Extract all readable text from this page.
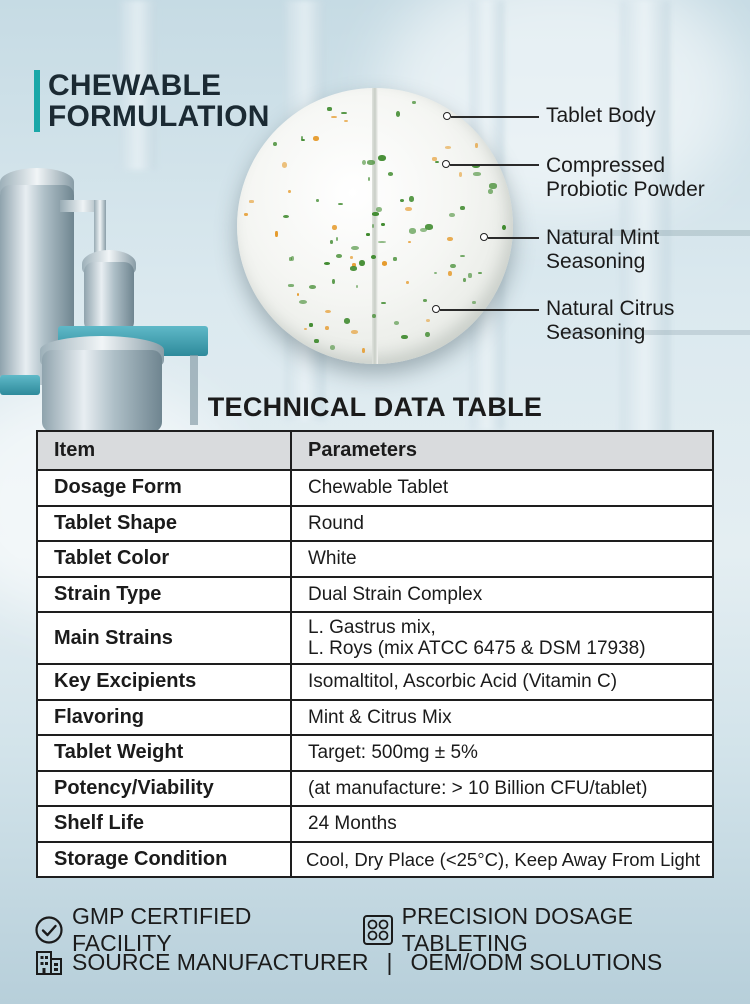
CHEWABLE
FORMULATION	Tablet Body
Compressed
Probiotic Powder
Natural Mint
Seasoning
Natural Citrus
Seasoning
TECHNICAL DATA TABLE
Item	Parameters
Dosage Form	Chewable Tablet

Tablet Shape	Round

Tablet Color	White

Strain Type	Dual Strain Complex

Main Strains	L. Gastrus mix,
L. Roys (mix ATCC 6475 & DSM 17938)

Key Excipients	Isomaltitol, Ascorbic Acid (Vitamin C)

Flavoring	Mint & Citrus Mix

Tablet Weight	Target: 500mg ± 5%

Potency/Viability	(at manufacture: > 10 Billion CFU/tablet)

Shelf Life	24 Months

Storage Condition	Cool, Dry Place (<25°C), Keep Away From Light
GMP CERTIFIED FACILITY
PRECISION DOSAGE TABLETING
SOURCE MANUFACTURER | OEM/ODM SOLUTIONS
